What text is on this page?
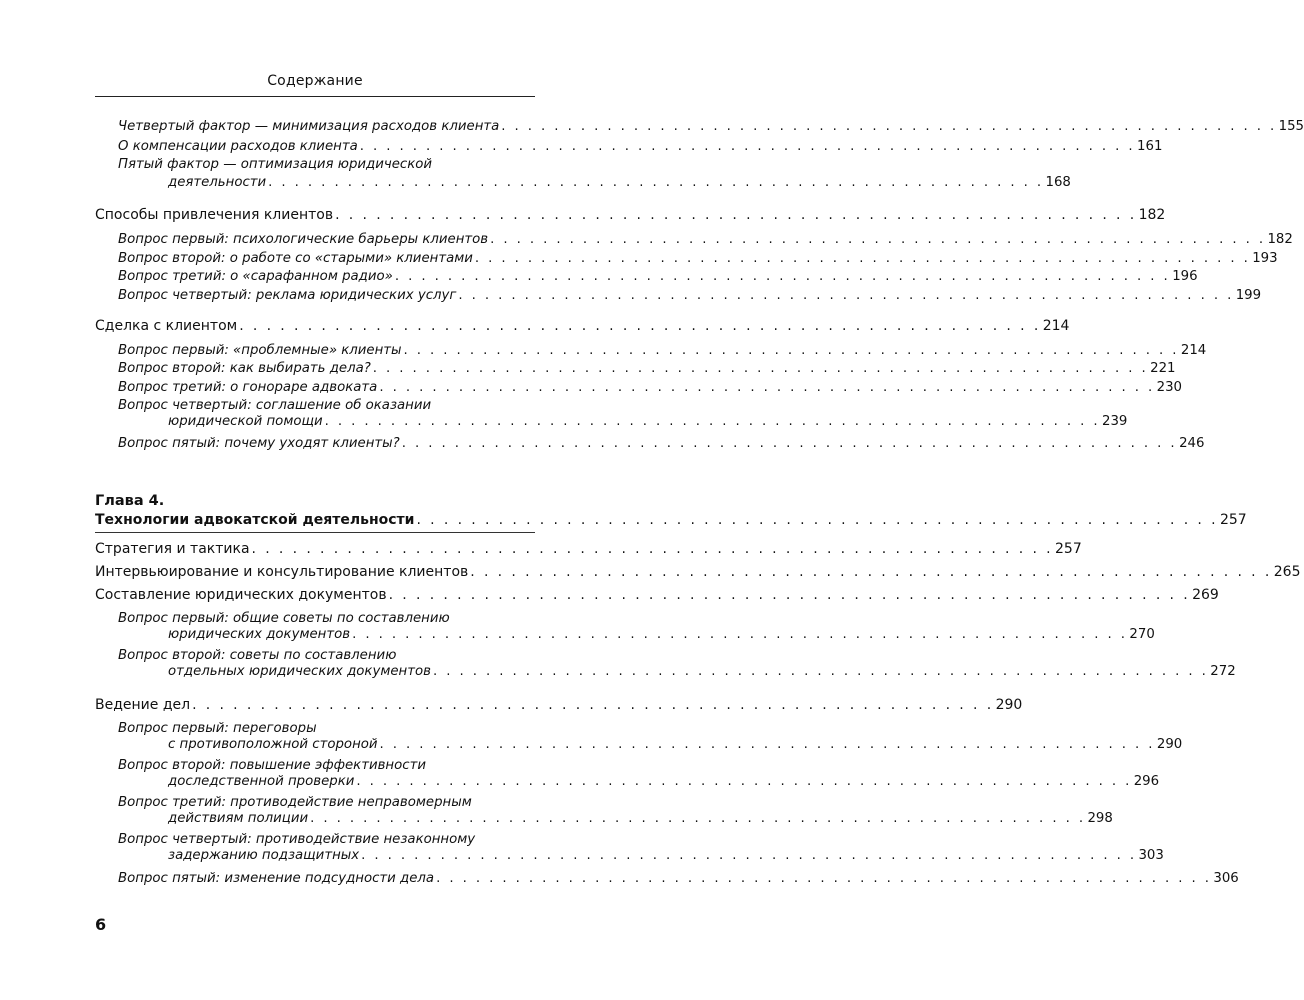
Содержание
Четвертый фактор — минимизация расходов клиента . . . . . . . . . . . . . . . . . . . . . . . . . . . . . . . . . . . . . . . . . . . . . . . . . . . . . . . . . . . 155
О компенсации расходов клиента . . . . . . . . . . . . . . . . . . . . . . . . . . . . . . . . . . . . . . . . . . . . . . . . . . . . . . . . . . . 161
Пятый фактор — оптимизация юридической
деятельности . . . . . . . . . . . . . . . . . . . . . . . . . . . . . . . . . . . . . . . . . . . . . . . . . . . . . . . . . . . 168
Способы привлечения клиентов . . . . . . . . . . . . . . . . . . . . . . . . . . . . . . . . . . . . . . . . . . . . . . . . . . . . . . . . . . . 182
Вопрос первый: психологические барьеры клиентов . . . . . . . . . . . . . . . . . . . . . . . . . . . . . . . . . . . . . . . . . . . . . . . . . . . . . . . . . . . 182
Вопрос второй: о работе со «старыми» клиентами . . . . . . . . . . . . . . . . . . . . . . . . . . . . . . . . . . . . . . . . . . . . . . . . . . . . . . . . . . . 193
Вопрос третий: о «сарафанном радио» . . . . . . . . . . . . . . . . . . . . . . . . . . . . . . . . . . . . . . . . . . . . . . . . . . . . . . . . . . . 196
Вопрос четвертый: реклама юридических услуг . . . . . . . . . . . . . . . . . . . . . . . . . . . . . . . . . . . . . . . . . . . . . . . . . . . . . . . . . . . 199
Сделка с клиентом . . . . . . . . . . . . . . . . . . . . . . . . . . . . . . . . . . . . . . . . . . . . . . . . . . . . . . . . . . . 214
Вопрос первый: «проблемные» клиенты . . . . . . . . . . . . . . . . . . . . . . . . . . . . . . . . . . . . . . . . . . . . . . . . . . . . . . . . . . . 214
Вопрос второй: как выбирать дела? . . . . . . . . . . . . . . . . . . . . . . . . . . . . . . . . . . . . . . . . . . . . . . . . . . . . . . . . . . . 221
Вопрос третий: о гонораре адвоката . . . . . . . . . . . . . . . . . . . . . . . . . . . . . . . . . . . . . . . . . . . . . . . . . . . . . . . . . . . 230
Вопрос четвертый: соглашение об оказании
юридической помощи . . . . . . . . . . . . . . . . . . . . . . . . . . . . . . . . . . . . . . . . . . . . . . . . . . . . . . . . . . . 239
Вопрос пятый: почему уходят клиенты? . . . . . . . . . . . . . . . . . . . . . . . . . . . . . . . . . . . . . . . . . . . . . . . . . . . . . . . . . . . 246
Глава 4.
Технологии адвокатской деятельности . . . . . . . . . . . . . . . . . . . . . . . . . . . . . . . . . . . . . . . . . . . . . . . . . . . . . . . . . . . 257
Стратегия и тактика . . . . . . . . . . . . . . . . . . . . . . . . . . . . . . . . . . . . . . . . . . . . . . . . . . . . . . . . . . . 257
Интервьюирование и консультирование клиентов . . . . . . . . . . . . . . . . . . . . . . . . . . . . . . . . . . . . . . . . . . . . . . . . . . . . . . . . . . . 265
Составление юридических документов . . . . . . . . . . . . . . . . . . . . . . . . . . . . . . . . . . . . . . . . . . . . . . . . . . . . . . . . . . . 269
Вопрос первый: общие советы по составлению
юридических документов . . . . . . . . . . . . . . . . . . . . . . . . . . . . . . . . . . . . . . . . . . . . . . . . . . . . . . . . . . . 270
Вопрос второй: советы по составлению
отдельных юридических документов . . . . . . . . . . . . . . . . . . . . . . . . . . . . . . . . . . . . . . . . . . . . . . . . . . . . . . . . . . . 272
Ведение дел . . . . . . . . . . . . . . . . . . . . . . . . . . . . . . . . . . . . . . . . . . . . . . . . . . . . . . . . . . . 290
Вопрос первый: переговоры
с противоположной стороной . . . . . . . . . . . . . . . . . . . . . . . . . . . . . . . . . . . . . . . . . . . . . . . . . . . . . . . . . . . 290
Вопрос второй: повышение эффективности
доследственной проверки . . . . . . . . . . . . . . . . . . . . . . . . . . . . . . . . . . . . . . . . . . . . . . . . . . . . . . . . . . . 296
Вопрос третий: противодействие неправомерным
действиям полиции . . . . . . . . . . . . . . . . . . . . . . . . . . . . . . . . . . . . . . . . . . . . . . . . . . . . . . . . . . . 298
Вопрос четвертый: противодействие незаконному
задержанию подзащитных . . . . . . . . . . . . . . . . . . . . . . . . . . . . . . . . . . . . . . . . . . . . . . . . . . . . . . . . . . . 303
Вопрос пятый: изменение подсудности дела . . . . . . . . . . . . . . . . . . . . . . . . . . . . . . . . . . . . . . . . . . . . . . . . . . . . . . . . . . . 306
6
